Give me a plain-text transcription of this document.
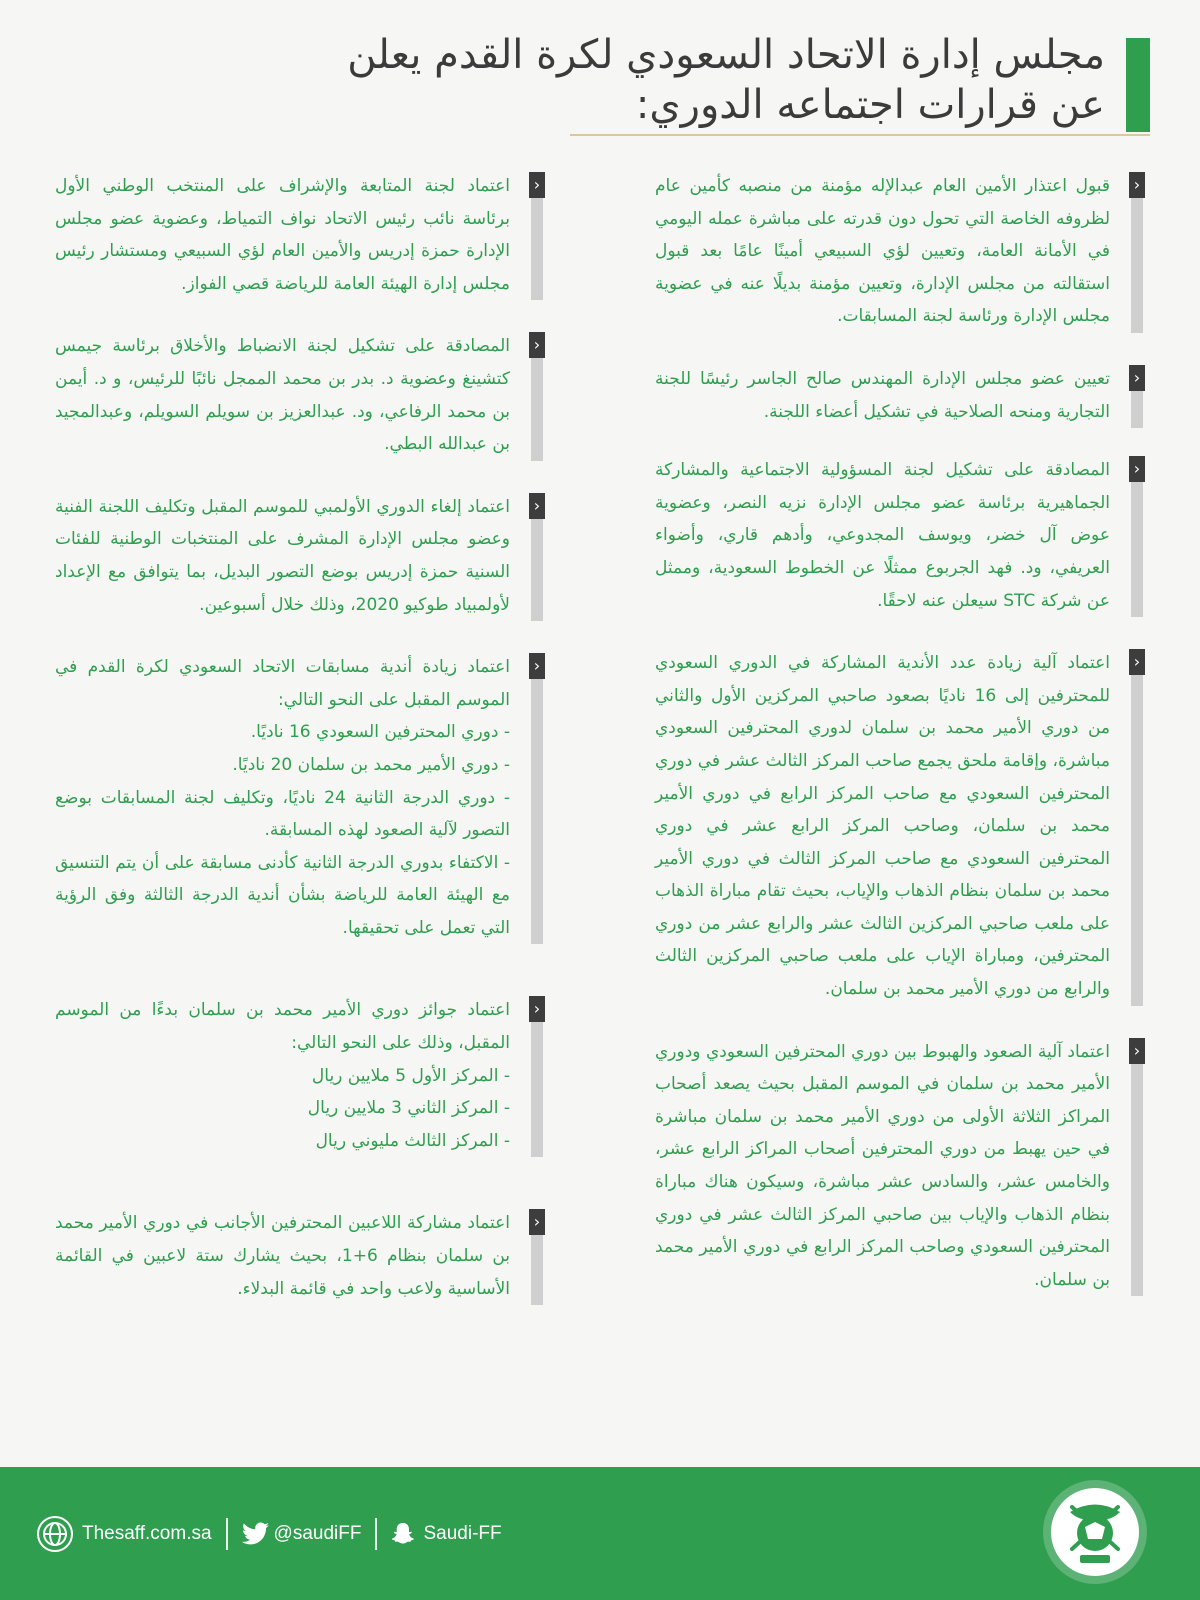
مجلس إدارة الاتحاد السعودي لكرة القدم يعلن
عن قرارات اجتماعه الدوري:
‹

قبول اعتذار الأمين العام عبدالإله مؤمنة من منصبه كأمين عام لظروفه الخاصة التي تحول دون قدرته على مباشرة عمله اليومي في الأمانة العامة، وتعيين لؤي السبيعي أمينًا عامًا بعد قبول استقالته من مجلس الإدارة، وتعيين مؤمنة بديلًا عنه في عضوية مجلس الإدارة ورئاسة لجنة المسابقات.

‹

تعيين عضو مجلس الإدارة المهندس صالح الجاسر رئيسًا للجنة التجارية ومنحه الصلاحية في تشكيل أعضاء اللجنة.

‹

المصادقة على تشكيل لجنة المسؤولية الاجتماعية والمشاركة الجماهيرية برئاسة عضو مجلس الإدارة نزيه النصر، وعضوية عوض آل خضر، ويوسف المجدوعي، وأدهم قاري، وأضواء العريفي، ود. فهد الجربوع ممثلًا عن الخطوط السعودية، وممثل عن شركة STC سيعلن عنه لاحقًا.

‹

اعتماد آلية زيادة عدد الأندية المشاركة في الدوري السعودي للمحترفين إلى 16 ناديًا بصعود صاحبي المركزين الأول والثاني من دوري الأمير محمد بن سلمان لدوري المحترفين السعودي مباشرة، وإقامة ملحق يجمع صاحب المركز الثالث عشر في دوري المحترفين السعودي مع صاحب المركز الرابع في دوري الأمير محمد بن سلمان، وصاحب المركز الرابع عشر في دوري المحترفين السعودي مع صاحب المركز الثالث في دوري الأمير محمد بن سلمان بنظام الذهاب والإياب، بحيث تقام مباراة الذهاب على ملعب صاحبي المركزين الثالث عشر والرابع عشر من دوري المحترفين، ومباراة الإياب على ملعب صاحبي المركزين الثالث والرابع من دوري الأمير محمد بن سلمان.

‹

اعتماد آلية الصعود والهبوط بين دوري المحترفين السعودي ودوري الأمير محمد بن سلمان في الموسم المقبل بحيث يصعد أصحاب المراكز الثلاثة الأولى من دوري الأمير محمد بن سلمان مباشرة في حين يهبط من دوري المحترفين أصحاب المراكز الرابع عشر، والخامس عشر، والسادس عشر مباشرة، وسيكون هناك مباراة بنظام الذهاب والإياب بين صاحبي المركز الثالث عشر في دوري المحترفين السعودي وصاحب المركز الرابع في دوري الأمير محمد بن سلمان.

‹

اعتماد لجنة المتابعة والإشراف على المنتخب الوطني الأول برئاسة نائب رئيس الاتحاد نواف التمياط، وعضوية عضو مجلس الإدارة حمزة إدريس والأمين العام لؤي السبيعي ومستشار رئيس مجلس إدارة الهيئة العامة للرياضة قصي الفواز.

‹

المصادقة على تشكيل لجنة الانضباط والأخلاق برئاسة جيمس كتشينغ وعضوية د. بدر بن محمد الممجل نائبًا للرئيس، و د. أيمن بن محمد الرفاعي، ود. عبدالعزيز بن سويلم السويلم، وعبدالمجيد بن عبدالله البطي.

‹

اعتماد إلغاء الدوري الأولمبي للموسم المقبل وتكليف اللجنة الفنية وعضو مجلس الإدارة المشرف على المنتخبات الوطنية للفئات السنية حمزة إدريس بوضع التصور البديل، بما يتوافق مع الإعداد لأولمبياد طوكيو 2020، وذلك خلال أسبوعين.

‹

اعتماد زيادة أندية مسابقات الاتحاد السعودي لكرة القدم في الموسم المقبل على النحو التالي:
- دوري المحترفين السعودي 16 ناديًا.
- دوري الأمير محمد بن سلمان 20 ناديًا.
- دوري الدرجة الثانية 24 ناديًا، وتكليف لجنة المسابقات بوضع التصور لآلية الصعود لهذه المسابقة.
- الاكتفاء بدوري الدرجة الثانية كأدنى مسابقة على أن يتم التنسيق مع الهيئة العامة للرياضة بشأن أندية الدرجة الثالثة وفق الرؤية التي تعمل على تحقيقها.

‹

اعتماد جوائز دوري الأمير محمد بن سلمان بدءًا من الموسم المقبل، وذلك على النحو التالي:
- المركز الأول 5 ملايين ريال
- المركز الثاني 3 ملايين ريال
- المركز الثالث مليوني ريال

‹

اعتماد مشاركة اللاعبين المحترفين الأجانب في دوري الأمير محمد بن سلمان بنظام 6+1، بحيث يشارك ستة لاعبين في القائمة الأساسية ولاعب واحد في قائمة البدلاء.

Thesaff.com.sa	@saudiFF	Saudi-FF
